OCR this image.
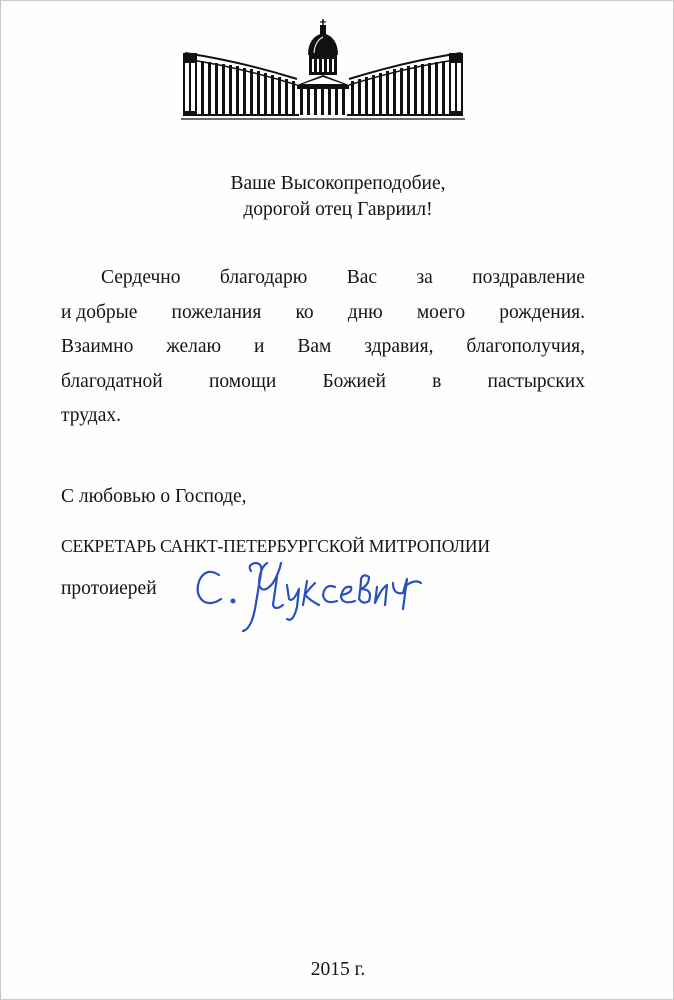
Ваше Высокопреподобие,
дорогой отец Гавриил!
Сердечно благодарю Вас за поздравление
и добрые пожелания ко дню моего рождения.
Взаимно желаю и Вам здравия, благополучия,
благодатной помощи Божией в пастырских
трудах.
С любовью о Господе,
СЕКРЕТАРЬ САНКТ-ПЕТЕРБУРГСКОЙ МИТРОПОЛИИ
протоиерей
2015 г.
